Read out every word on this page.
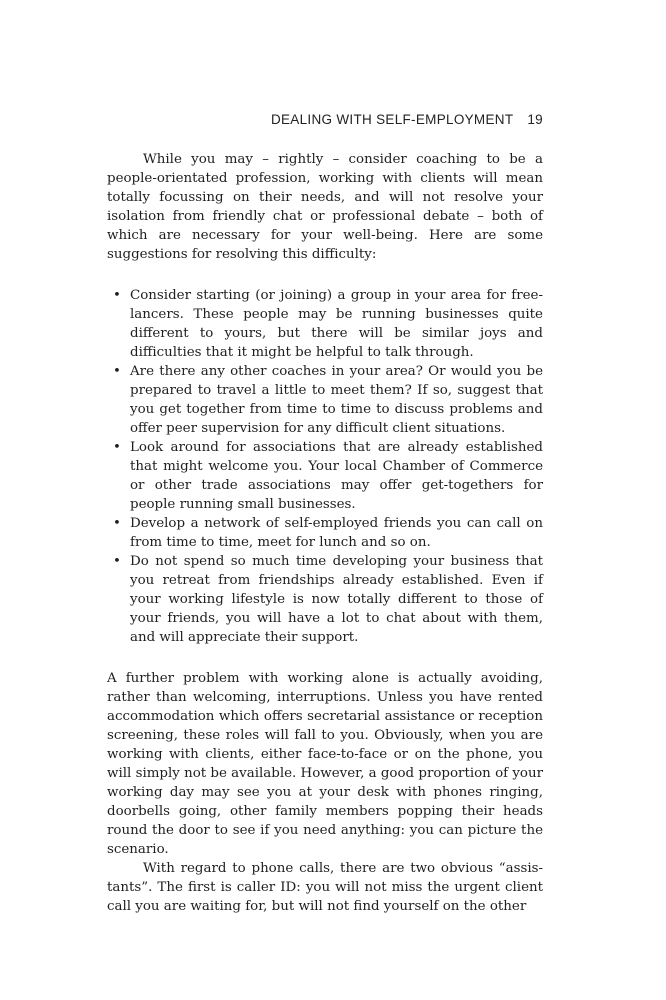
DEALING WITH SELF-EMPLOYMENT 19

While you may – rightly – consider coaching to be a people-orientated profession, working with clients will mean totally focussing on their needs, and will not resolve your isolation from friendly chat or professional debate – both of which are necessary for your well-being. Here are some suggestions for resolving this difficulty:

• Consider starting (or joining) a group in your area for free-lancers. These people may be running businesses quite different to yours, but there will be similar joys and difficulties that it might be helpful to talk through.
• Are there any other coaches in your area? Or would you be prepared to travel a little to meet them? If so, suggest that you get together from time to time to discuss problems and offer peer supervision for any difficult client situations.
• Look around for associations that are already established that might welcome you. Your local Chamber of Commerce or other trade associations may offer get-togethers for people running small businesses.
• Develop a network of self-employed friends you can call on from time to time, meet for lunch and so on.
• Do not spend so much time developing your business that you retreat from friendships already established. Even if your working lifestyle is now totally different to those of your friends, you will have a lot to chat about with them, and will appreciate their support.

A further problem with working alone is actually avoiding, rather than welcoming, interruptions. Unless you have rented accommodation which offers secretarial assistance or reception screening, these roles will fall to you. Obviously, when you are working with clients, either face-to-face or on the phone, you will simply not be available. However, a good proportion of your working day may see you at your desk with phones ringing, doorbells going, other family members popping their heads round the door to see if you need anything: you can picture the scenario.

With regard to phone calls, there are two obvious “assis-tants”. The first is caller ID: you will not miss the urgent client call you are waiting for, but will not find yourself on the other
